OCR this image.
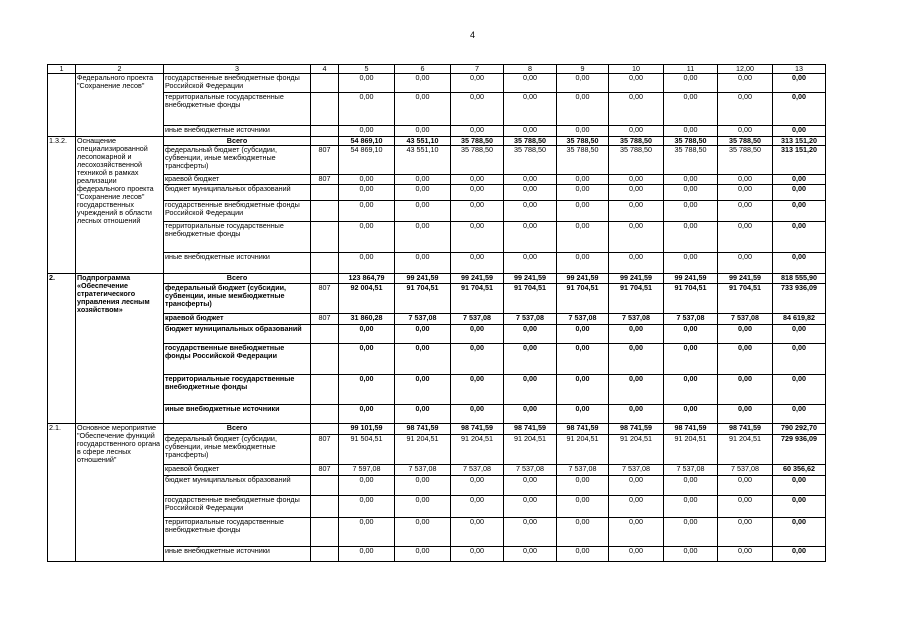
4
1	2	3	4	5	6	7	8	9	10	11	12,00	13
	Федерального проекта "Сохранение лесов"	государственные внебюджетные фонды Российской Федерации		0,00	0,00	0,00	0,00	0,00	0,00	0,00	0,00	0,00
		территориальные государственные внебюджетные фонды		0,00	0,00	0,00	0,00	0,00	0,00	0,00	0,00	0,00
		иные внебюджетные источники		0,00	0,00	0,00	0,00	0,00	0,00	0,00	0,00	0,00
1.3.2.	Оснащение специализированной лесопожарной и лесохозяйственной техникой в рамках реализации федерального проекта "Сохранение лесов" государственных учреждений в области лесных отношений	Всего		54 869,10	43 551,10	35 788,50	35 788,50	35 788,50	35 788,50	35 788,50	35 788,50	313 151,20
		федеральный бюджет (субсидии, субвенции, иные межбюджетные трансферты)	807	54 869,10	43 551,10	35 788,50	35 788,50	35 788,50	35 788,50	35 788,50	35 788,50	313 151,20
		краевой бюджет	807	0,00	0,00	0,00	0,00	0,00	0,00	0,00	0,00	0,00
		бюджет муниципальных образований		0,00	0,00	0,00	0,00	0,00	0,00	0,00	0,00	0,00
		государственные внебюджетные фонды Российской Федерации		0,00	0,00	0,00	0,00	0,00	0,00	0,00	0,00	0,00
		территориальные государственные внебюджетные фонды		0,00	0,00	0,00	0,00	0,00	0,00	0,00	0,00	0,00
		иные внебюджетные источники		0,00	0,00	0,00	0,00	0,00	0,00	0,00	0,00	0,00
2.	Подпрограмма «Обеспечение стратегического управления лесным хозяйством»	Всего		123 864,79	99 241,59	99 241,59	99 241,59	99 241,59	99 241,59	99 241,59	99 241,59	818 555,90
		федеральный бюджет (субсидии, субвенции, иные межбюджетные трансферты)	807	92 004,51	91 704,51	91 704,51	91 704,51	91 704,51	91 704,51	91 704,51	91 704,51	733 936,09
		краевой бюджет	807	31 860,28	7 537,08	7 537,08	7 537,08	7 537,08	7 537,08	7 537,08	7 537,08	84 619,82
		бюджет муниципальных образований		0,00	0,00	0,00	0,00	0,00	0,00	0,00	0,00	0,00
		государственные внебюджетные фонды Российской Федерации		0,00	0,00	0,00	0,00	0,00	0,00	0,00	0,00	0,00
		территориальные государственные внебюджетные фонды		0,00	0,00	0,00	0,00	0,00	0,00	0,00	0,00	0,00
		иные внебюджетные источники		0,00	0,00	0,00	0,00	0,00	0,00	0,00	0,00	0,00
2.1.	Основное мероприятие "Обеспечение функций государственного органа в сфере лесных отношений"	Всего		99 101,59	98 741,59	98 741,59	98 741,59	98 741,59	98 741,59	98 741,59	98 741,59	790 292,70
		федеральный бюджет (субсидии, субвенции, иные межбюджетные трансферты)	807	91 504,51	91 204,51	91 204,51	91 204,51	91 204,51	91 204,51	91 204,51	91 204,51	729 936,09
		краевой бюджет	807	7 597,08	7 537,08	7 537,08	7 537,08	7 537,08	7 537,08	7 537,08	7 537,08	60 356,62
		бюджет муниципальных образований		0,00	0,00	0,00	0,00	0,00	0,00	0,00	0,00	0,00
		государственные внебюджетные фонды Российской Федерации		0,00	0,00	0,00	0,00	0,00	0,00	0,00	0,00	0,00
		территориальные государственные внебюджетные фонды		0,00	0,00	0,00	0,00	0,00	0,00	0,00	0,00	0,00
		иные внебюджетные источники		0,00	0,00	0,00	0,00	0,00	0,00	0,00	0,00	0,00
